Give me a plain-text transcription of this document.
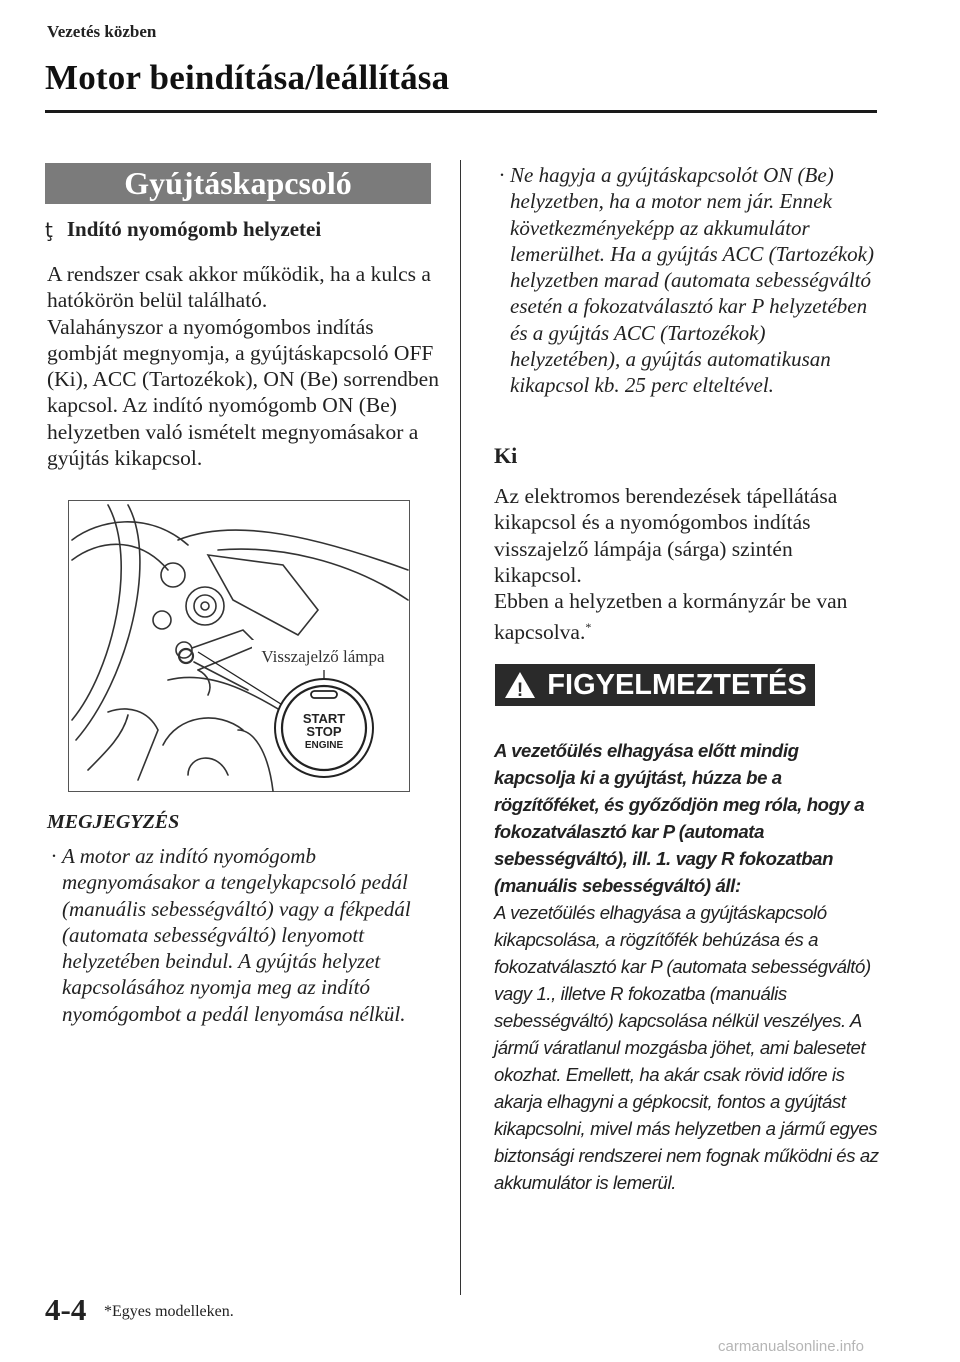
Vezetés közben
Motor beindítása/leállítása
Gyújtáskapcsoló
ţ Indító nyomógomb helyzetei

A rendszer csak akkor működik, ha a kulcs a hatókörön belül található.

Valahányszor a nyomógombos indítás gombját megnyomja, a gyújtáskapcsoló OFF (Ki), ACC (Tartozékok), ON (Be) sorrendben kapcsol. Az indító nyomógomb ON (Be) helyzetben való ismételt megnyomásakor a gyújtás kikapcsol.

Visszajelző lámpa
START
STOP
ENGINE
MEGJEGYZÉS
· A motor az indító nyomógomb megnyomásakor a tengelykapcsoló pedál (manuális sebességváltó) vagy a fékpedál (automata sebességváltó) lenyomott helyzetében beindul. A gyújtás helyzet kapcsolásához nyomja meg az indító nyomógombot a pedál lenyomása nélkül.
· Ne hagyja a gyújtáskapcsolót ON (Be) helyzetben, ha a motor nem jár. Ennek következményeképp az akkumulátor lemerülhet. Ha a gyújtás ACC (Tartozékok) helyzetben marad (automata sebességváltó esetén a fokozatválasztó kar P helyzetében és a gyújtás ACC (Tartozékok) helyzetében), a gyújtás automatikusan kikapcsol kb. 25 perc elteltével.
Ki

Az elektromos berendezések tápellátása kikapcsol és a nyomógombos indítás visszajelző lámpája (sárga) szintén kikapcsol.

Ebben a helyzetben a kormányzár be van kapcsolva.*

! FIGYELMEZTETÉS
A vezetőülés elhagyása előtt mindig kapcsolja ki a gyújtást, húzza be a rögzítőféket, és győződjön meg róla, hogy a fokozatválasztó kar P (automata sebességváltó), ill. 1. vagy R fokozatban (manuális sebességváltó) áll:
A vezetőülés elhagyása a gyújtáskapcsoló kikapcsolása, a rögzítőfék behúzása és a fokozatválasztó kar P (automata sebességváltó) vagy 1., illetve R fokozatba (manuális sebességváltó) kapcsolása nélkül veszélyes. A jármű váratlanul mozgásba jöhet, ami balesetet okozhat. Emellett, ha akár csak rövid időre is akarja elhagyni a gépkocsit, fontos a gyújtást kikapcsolni, mivel más helyzetben a jármű egyes biztonsági rendszerei nem fognak működni és az akkumulátor is lemerül.
4-4 *Egyes modelleken.
carmanualsonline.info
